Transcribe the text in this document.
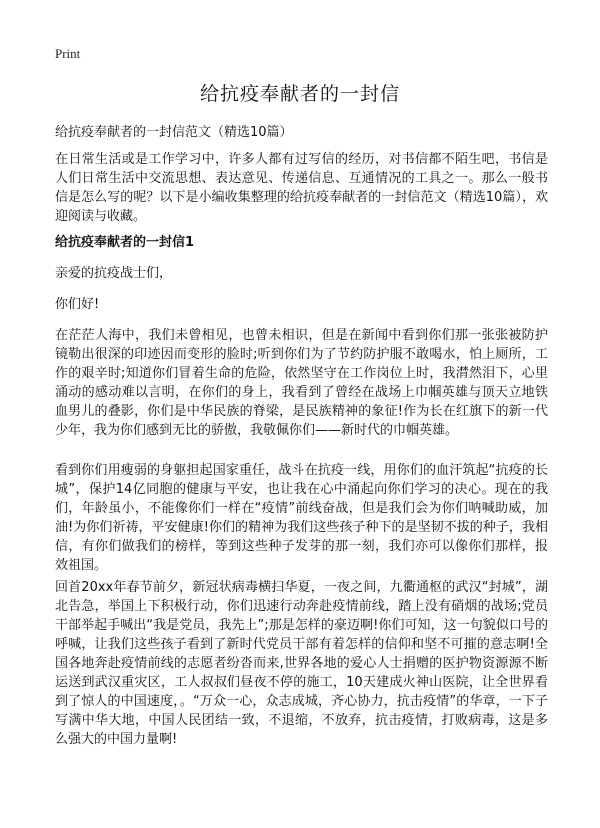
Print
给抗疫奉献者的一封信

给抗疫奉献者的一封信范文（精选10篇）

在日常生活或是工作学习中，许多人都有过写信的经历，对书信都不陌生吧，书信是人们日常生活中交流思想、表达意见、传递信息、互通情况的工具之一。那么一般书信是怎么写的呢？以下是小编收集整理的给抗疫奉献者的一封信范文（精选10篇），欢迎阅读与收藏。

给抗疫奉献者的一封信1

亲爱的抗疫战士们，

你们好!

在茫茫人海中，我们未曾相见，也曾未相识，但是在新闻中看到你们那一张张被防护镜勒出很深的印迹因而变形的脸时;听到你们为了节约防护服不敢喝水，怕上厕所，工作的艰辛时;知道你们冒着生命的危险，依然坚守在工作岗位上时，我潸然泪下，心里涌动的感动难以言明，在你们的身上，我看到了曾经在战场上巾帼英雄与顶天立地铁血男儿的叠影，你们是中华民族的脊梁，是民族精神的象征!作为长在红旗下的新一代少年，我为你们感到无比的骄傲，我敬佩你们——新时代的巾帼英雄。

看到你们用瘦弱的身躯担起国家重任，战斗在抗疫一线，用你们的血汗筑起“抗疫的长城”，保护14亿同胞的健康与平安，也让我在心中涌起向你们学习的决心。现在的我们，年龄虽小，不能像你们一样在“疫情”前线奋战，但是我们会为你们呐喊助威，加油!为你们祈祷，平安健康!你们的精神为我们这些孩子种下的是坚韧不拔的种子，我相信，有你们做我们的榜样，等到这些种子发芽的那一刻，我们亦可以像你们那样，报效祖国。

回首20xx年春节前夕，新冠状病毒横扫华夏，一夜之间，九衢通枢的武汉“封城”，湖北告急，举国上下积极行动，你们迅速行动奔赴疫情前线，踏上没有硝烟的战场;党员干部举起手喊出“我是党员，我先上”;那是怎样的豪迈啊!你们可知，这一句貌似口号的呼喊，让我们这些孩子看到了新时代党员干部有着怎样的信仰和坚不可摧的意志啊!全国各地奔赴疫情前线的志愿者纷沓而来,世界各地的爱心人士捐赠的医护物资源源不断运送到武汉重灾区，工人叔叔们昼夜不停的施工，10天建成火神山医院，让全世界看到了惊人的中国速度，。“万众一心，众志成城，齐心协力，抗击疫情”的华章，一下子写满中华大地，中国人民团结一致，不退缩，不放弃，抗击疫情，打败病毒，这是多么强大的中国力量啊!
